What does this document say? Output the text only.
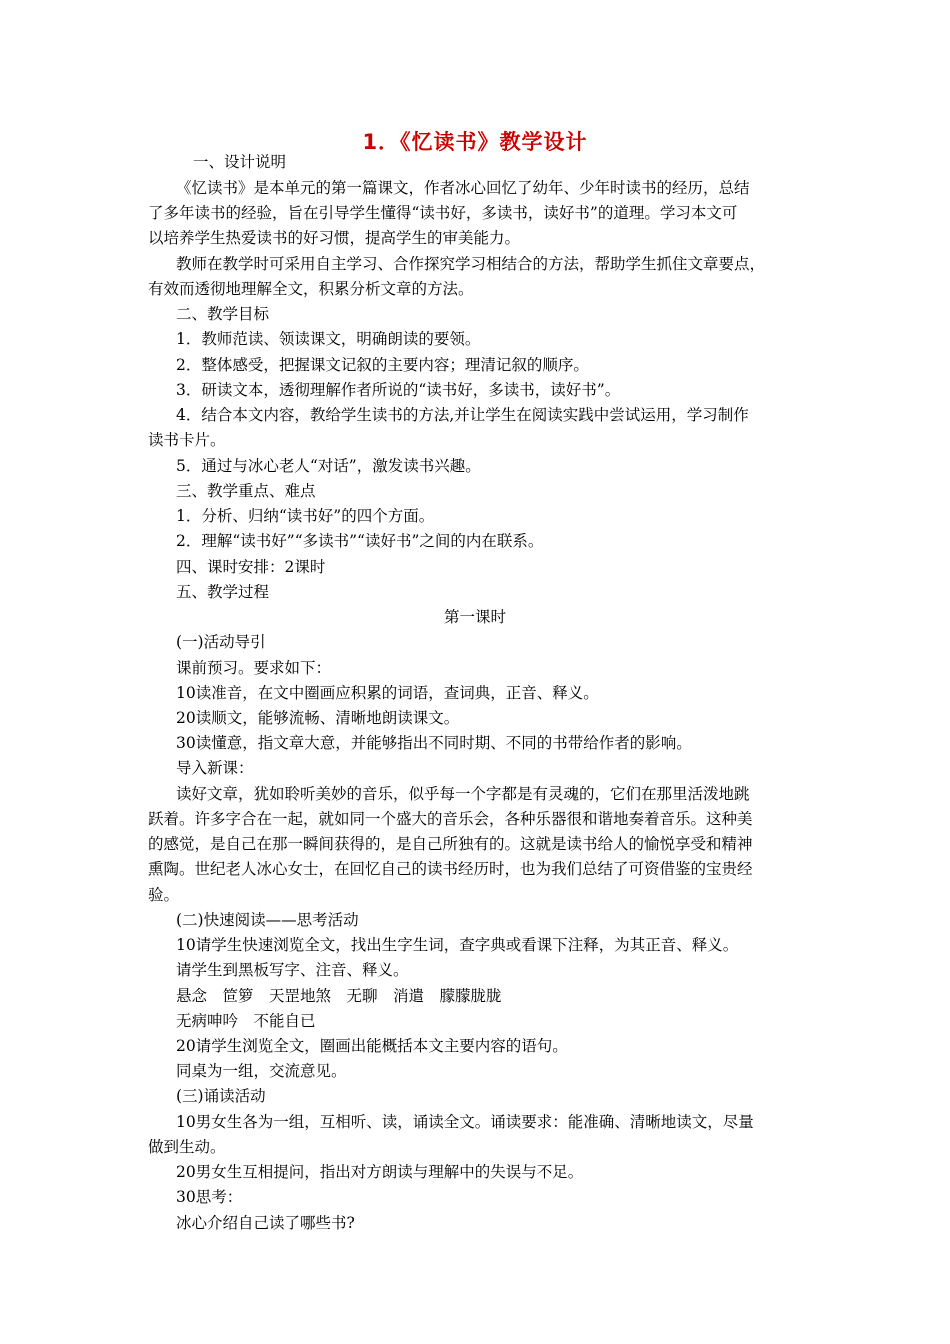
1．《忆读书》教学设计
一、设计说明
《忆读书》是本单元的第一篇课文，作者冰心回忆了幼年、少年时读书的经历，总结
了多年读书的经验，旨在引导学生懂得“读书好，多读书，读好书”的道理。学习本文可
以培养学生热爱读书的好习惯，提高学生的审美能力。
教师在教学时可采用自主学习、合作探究学习相结合的方法，帮助学生抓住文章要点，
有效而透彻地理解全文，积累分析文章的方法。
二、教学目标
1．教师范读、领读课文，明确朗读的要领。
2．整体感受，把握课文记叙的主要内容；理清记叙的顺序。
3．研读文本，透彻理解作者所说的“读书好，多读书，读好书”。
4．结合本文内容，教给学生读书的方法,并让学生在阅读实践中尝试运用，学习制作
读书卡片。
5．通过与冰心老人“对话”，激发读书兴趣。
三、教学重点、难点
1．分析、归纳“读书好”的四个方面。
2．理解“读书好”“多读书”“读好书”之间的内在联系。
四、课时安排：2课时
五、教学过程
第一课时
(一)活动导引
课前预习。要求如下：
10读准音，在文中圈画应积累的词语，查词典，正音、释义。
20读顺文，能够流畅、清晰地朗读课文。
30读懂意，指文章大意，并能够指出不同时期、不同的书带给作者的影响。
导入新课：
读好文章，犹如聆听美妙的音乐，似乎每一个字都是有灵魂的，它们在那里活泼地跳
跃着。许多字合在一起，就如同一个盛大的音乐会，各种乐器很和谐地奏着音乐。这种美
的感觉，是自己在那一瞬间获得的，是自己所独有的。这就是读书给人的愉悦享受和精神
熏陶。世纪老人冰心女士，在回忆自己的读书经历时，也为我们总结了可资借鉴的宝贵经
验。
(二)快速阅读——思考活动
10请学生快速浏览全文，找出生字生词，查字典或看课下注释，为其正音、释义。
请学生到黑板写字、注音、释义。
悬念　笸箩　天罡地煞　无聊　消遣　朦朦胧胧
无病呻吟　不能自已
20请学生浏览全文，圈画出能概括本文主要内容的语句。
同桌为一组，交流意见。
(三)诵读活动
10男女生各为一组，互相听、读，诵读全文。诵读要求：能准确、清晰地读文，尽量
做到生动。
20男女生互相提问，指出对方朗读与理解中的失误与不足。
30思考：
冰心介绍自己读了哪些书?
